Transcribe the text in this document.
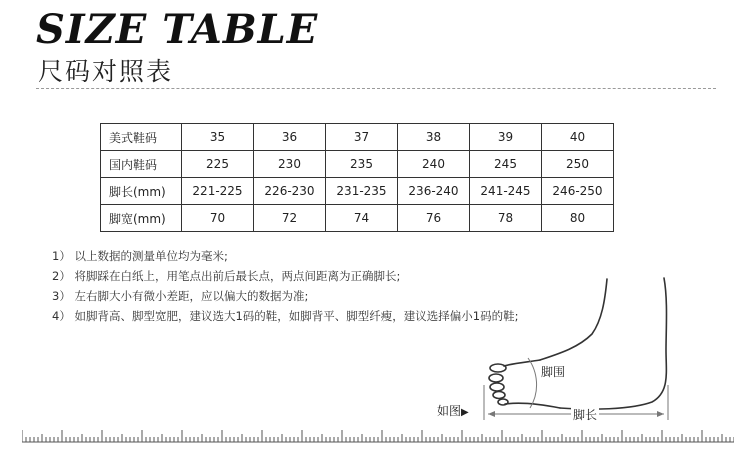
SIZE TABLE
尺码对照表
美式鞋码	35	36	37	38	39	40
国内鞋码	225	230	235	240	245	250
脚长(mm)	221-225	226-230	231-235	236-240	241-245	246-250
脚宽(mm)	70	72	74	76	78	80
1） 以上数据的测量单位均为毫米;
2） 将脚踩在白纸上，用笔点出前后最长点，两点间距离为正确脚长;
3） 左右脚大小有微小差距，应以偏大的数据为准;
4） 如脚背高、脚型宽肥，建议选大1码的鞋，如脚背平、脚型纤瘦，建议选择偏小1码的鞋;
脚围
脚长
如图▶
